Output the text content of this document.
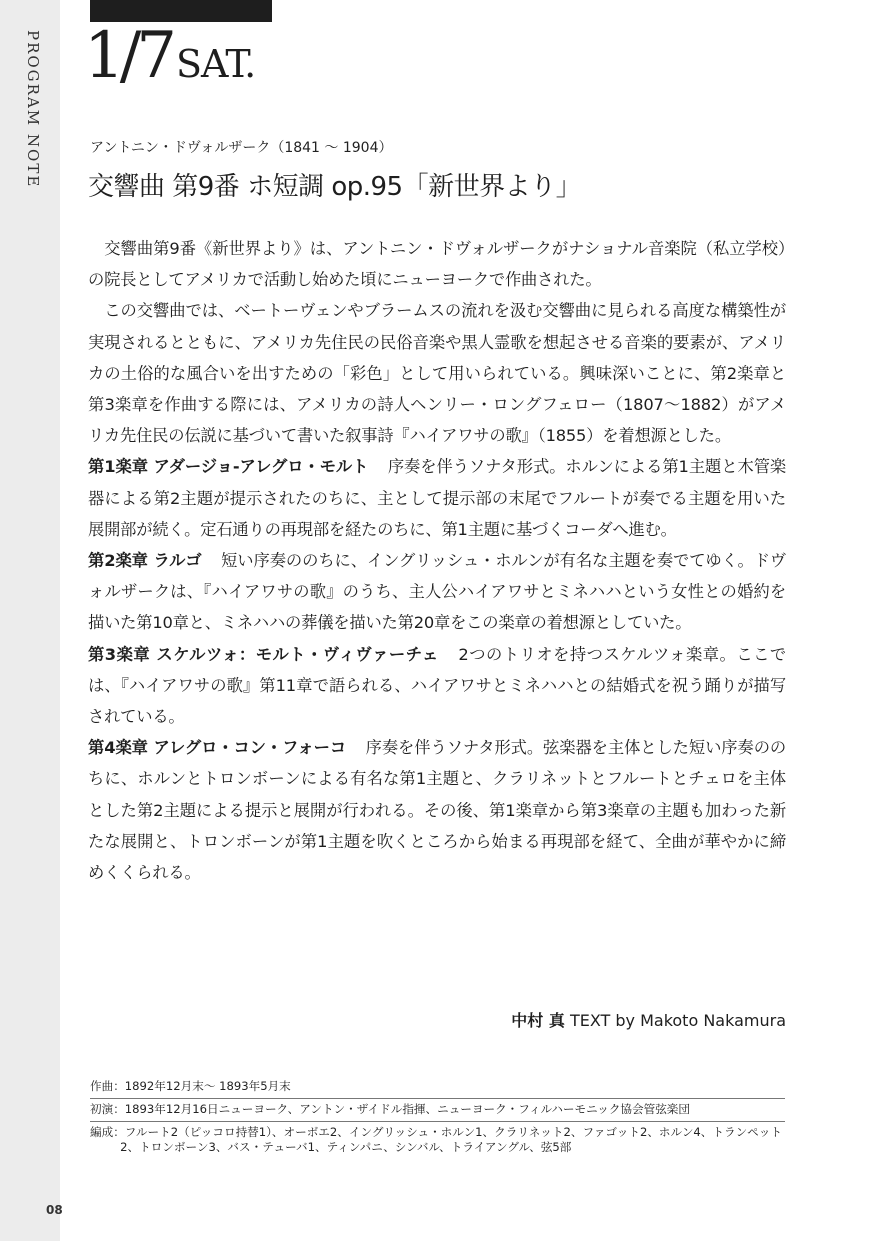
PROGRAM NOTE
08
1/7 SAT.
アントニン・ドヴォルザーク（1841 〜 1904）
交響曲 第9番 ホ短調 op.95「新世界より」

交響曲第9番《新世界より》は、アントニン・ドヴォルザークがナショナル音楽院（私立学校）の院長としてアメリカで活動し始めた頃にニューヨークで作曲された。

この交響曲では、ベートーヴェンやブラームスの流れを汲む交響曲に見られる高度な構築性が実現されるとともに、アメリカ先住民の民俗音楽や黒人霊歌を想起させる音楽的要素が、アメリカの土俗的な風合いを出すための「彩色」として用いられている。興味深いことに、第2楽章と第3楽章を作曲する際には、アメリカの詩人ヘンリー・ロングフェロー（1807〜1882）がアメリカ先住民の伝説に基づいて書いた叙事詩『ハイアワサの歌』（1855）を着想源とした。

第1楽章 アダージョ-アレグロ・モルト 序奏を伴うソナタ形式。ホルンによる第1主題と木管楽器による第2主題が提示されたのちに、主として提示部の末尾でフルートが奏でる主題を用いた展開部が続く。定石通りの再現部を経たのちに、第1主題に基づくコーダへ進む。

第2楽章 ラルゴ 短い序奏ののちに、イングリッシュ・ホルンが有名な主題を奏でてゆく。ドヴォルザークは、『ハイアワサの歌』のうち、主人公ハイアワサとミネハハという女性との婚約を描いた第10章と、ミネハハの葬儀を描いた第20章をこの楽章の着想源としていた。

第3楽章 スケルツォ：モルト・ヴィヴァーチェ 2つのトリオを持つスケルツォ楽章。ここでは、『ハイアワサの歌』第11章で語られる、ハイアワサとミネハハとの結婚式を祝う踊りが描写されている。

第4楽章 アレグロ・コン・フォーコ 序奏を伴うソナタ形式。弦楽器を主体とした短い序奏ののちに、ホルンとトロンボーンによる有名な第1主題と、クラリネットとフルートとチェロを主体とした第2主題による提示と展開が行われる。その後、第1楽章から第3楽章の主題も加わった新たな展開と、トロンボーンが第1主題を吹くところから始まる再現部を経て、全曲が華やかに締めくくられる。

中村 真 TEXT by Makoto Nakamura
作曲：1892年12月末〜 1893年5月末
初演：1893年12月16日ニューヨーク、アントン・ザイドル指揮、ニューヨーク・フィルハーモニック協会管弦楽団
編成：フルート2（ピッコロ持替1）、オーボエ2、イングリッシュ・ホルン1、クラリネット2、ファゴット2、ホルン4、トランペット2、トロンボーン3、バス・テューバ1、ティンパニ、シンバル、トライアングル、弦5部
